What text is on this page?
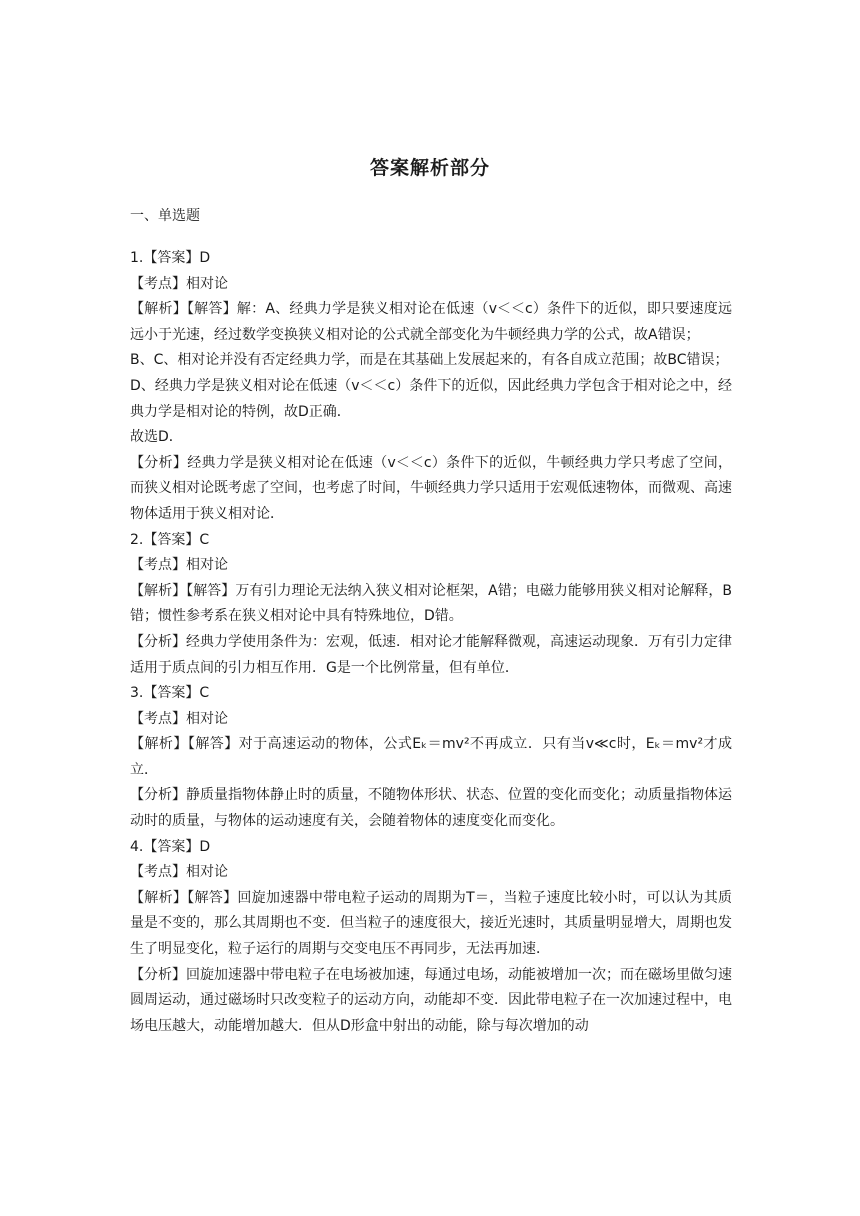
答案解析部分
一、单选题

1.【答案】D

【考点】相对论

【解析】【解答】解：A、经典力学是狭义相对论在低速（v＜＜c）条件下的近似，即只要速度远远小于光速，经过数学变换狭义相对论的公式就全部变化为牛顿经典力学的公式，故A错误；

B、C、相对论并没有否定经典力学，而是在其基础上发展起来的，有各自成立范围；故BC错误；

D、经典力学是狭义相对论在低速（v＜＜c）条件下的近似，因此经典力学包含于相对论之中，经典力学是相对论的特例，故D正确．

故选D．

【分析】经典力学是狭义相对论在低速（v＜＜c）条件下的近似，牛顿经典力学只考虑了空间，而狭义相对论既考虑了空间，也考虑了时间，牛顿经典力学只适用于宏观低速物体，而微观、高速物体适用于狭义相对论．

2.【答案】C

【考点】相对论

【解析】【解答】万有引力理论无法纳入狭义相对论框架，A错；电磁力能够用狭义相对论解释，B错；惯性参考系在狭义相对论中具有特殊地位，D错。

【分析】经典力学使用条件为：宏观，低速．相对论才能解释微观，高速运动现象．万有引力定律适用于质点间的引力相互作用．G是一个比例常量，但有单位．

3.【答案】C

【考点】相对论

【解析】【解答】对于高速运动的物体，公式Eₖ＝mv²不再成立．只有当v≪c时，Eₖ＝mv²才成立．

【分析】静质量指物体静止时的质量，不随物体形状、状态、位置的变化而变化；动质量指物体运动时的质量，与物体的运动速度有关，会随着物体的速度变化而变化。

4.【答案】D

【考点】相对论

【解析】【解答】回旋加速器中带电粒子运动的周期为T＝，当粒子速度比较小时，可以认为其质量是不变的，那么其周期也不变．但当粒子的速度很大，接近光速时，其质量明显增大，周期也发生了明显变化，粒子运行的周期与交变电压不再同步，无法再加速．

【分析】回旋加速器中带电粒子在电场被加速，每通过电场，动能被增加一次；而在磁场里做匀速圆周运动，通过磁场时只改变粒子的运动方向，动能却不变．因此带电粒子在一次加速过程中，电场电压越大，动能增加越大．但从D形盒中射出的动能，除与每次增加的动
